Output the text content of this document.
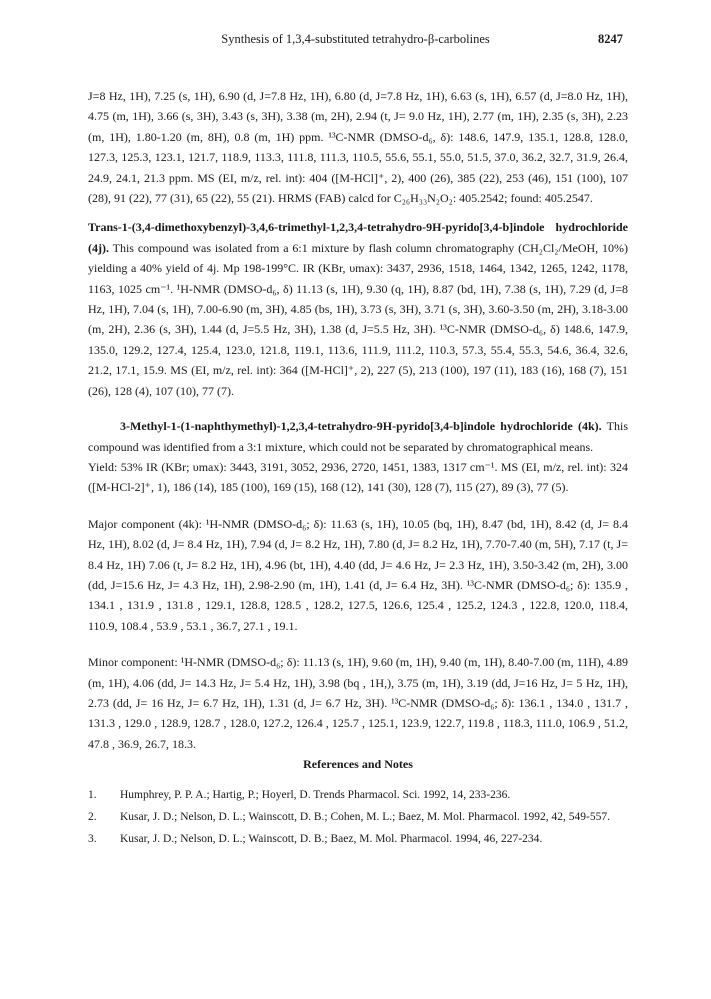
Synthesis of 1,3,4-substituted tetrahydro-β-carbolines	8247

J=8 Hz, 1H), 7.25 (s, 1H), 6.90 (d, J=7.8 Hz, 1H), 6.80 (d, J=7.8 Hz, 1H), 6.63 (s, 1H), 6.57 (d, J=8.0 Hz, 1H), 4.75 (m, 1H), 3.66 (s, 3H), 3.43 (s, 3H), 3.38 (m, 2H), 2.94 (t, J= 9.0 Hz, 1H), 2.77 (m, 1H), 2.35 (s, 3H), 2.23 (m, 1H), 1.80-1.20 (m, 8H), 0.8 (m, 1H) ppm. ¹³C-NMR (DMSO-d₆, δ): 148.6, 147.9, 135.1, 128.8, 128.0, 127.3, 125.3, 123.1, 121.7, 118.9, 113.3, 111.8, 111.3, 110.5, 55.6, 55.1, 55.0, 51.5, 37.0, 36.2, 32.7, 31.9, 26.4, 24.9, 24.1, 21.3 ppm. MS (EI, m/z, rel. int): 404 ([M-HCl]⁺, 2), 400 (26), 385 (22), 253 (46), 151 (100), 107 (28), 91 (22), 77 (31), 65 (22), 55 (21). HRMS (FAB) calcd for C₂₆H₃₃N₂O₂: 405.2542; found: 405.2547.

Trans-1-(3,4-dimethoxybenzyl)-3,4,6-trimethyl-1,2,3,4-tetrahydro-9H-pyrido[3,4-b]indole hydrochloride (4j). This compound was isolated from a 6:1 mixture by flash column chromatography (CH₂Cl₂/MeOH, 10%) yielding a 40% yield of 4j. Mp 198-199°C. IR (KBr, υmax): 3437, 2936, 1518, 1464, 1342, 1265, 1242, 1178, 1163, 1025 cm⁻¹. ¹H-NMR (DMSO-d₆, δ) 11.13 (s, 1H), 9.30 (q, 1H), 8.87 (bd, 1H), 7.38 (s, 1H), 7.29 (d, J=8 Hz, 1H), 7.04 (s, 1H), 7.00-6.90 (m, 3H), 4.85 (bs, 1H), 3.73 (s, 3H), 3.71 (s, 3H), 3.60-3.50 (m, 2H), 3.18-3.00 (m, 2H), 2.36 (s, 3H), 1.44 (d, J=5.5 Hz, 3H), 1.38 (d, J=5.5 Hz, 3H). ¹³C-NMR (DMSO-d₆, δ) 148.6, 147.9, 135.0, 129.2, 127.4, 125.4, 123.0, 121.8, 119.1, 113.6, 111.9, 111.2, 110.3, 57.3, 55.4, 55.3, 54.6, 36.4, 32.6, 21.2, 17.1, 15.9. MS (EI, m/z, rel. int): 364 ([M-HCl]⁺, 2), 227 (5), 213 (100), 197 (11), 183 (16), 168 (7), 151 (26), 128 (4), 107 (10), 77 (7).

3-Methyl-1-(1-naphthymethyl)-1,2,3,4-tetrahydro-9H-pyrido[3,4-b]indole hydrochloride (4k). This compound was identified from a 3:1 mixture, which could not be separated by chromatographical means.

Yield: 53% IR (KBr; υmax): 3443, 3191, 3052, 2936, 2720, 1451, 1383, 1317 cm⁻¹. MS (EI, m/z, rel. int): 324 ([M-HCl-2]⁺, 1), 186 (14), 185 (100), 169 (15), 168 (12), 141 (30), 128 (7), 115 (27), 89 (3), 77 (5).

Major component (4k): ¹H-NMR (DMSO-d₆; δ): 11.63 (s, 1H), 10.05 (bq, 1H), 8.47 (bd, 1H), 8.42 (d, J= 8.4 Hz, 1H), 8.02 (d, J= 8.4 Hz, 1H), 7.94 (d, J= 8.2 Hz, 1H), 7.80 (d, J= 8.2 Hz, 1H), 7.70-7.40 (m, 5H), 7.17 (t, J= 8.4 Hz, 1H) 7.06 (t, J= 8.2 Hz, 1H), 4.96 (bt, 1H), 4.40 (dd, J= 4.6 Hz, J= 2.3 Hz, 1H), 3.50-3.42 (m, 2H), 3.00 (dd, J=15.6 Hz, J= 4.3 Hz, 1H), 2.98-2.90 (m, 1H), 1.41 (d, J= 6.4 Hz, 3H). ¹³C-NMR (DMSO-d₆; δ): 135.9 , 134.1 , 131.9 , 131.8 , 129.1, 128.8, 128.5 , 128.2, 127.5, 126.6, 125.4 , 125.2, 124.3 , 122.8, 120.0, 118.4, 110.9, 108.4 , 53.9 , 53.1 , 36.7, 27.1 , 19.1.

Minor component: ¹H-NMR (DMSO-d₆; δ): 11.13 (s, 1H), 9.60 (m, 1H), 9.40 (m, 1H), 8.40-7.00 (m, 11H), 4.89 (m, 1H), 4.06 (dd, J= 14.3 Hz, J= 5.4 Hz, 1H), 3.98 (bq , 1H,), 3.75 (m, 1H), 3.19 (dd, J=16 Hz, J= 5 Hz, 1H), 2.73 (dd, J= 16 Hz, J= 6.7 Hz, 1H), 1.31 (d, J= 6.7 Hz, 3H). ¹³C-NMR (DMSO-d₆; δ): 136.1 , 134.0 , 131.7 , 131.3 , 129.0 , 128.9, 128.7 , 128.0, 127.2, 126.4 , 125.7 , 125.1, 123.9, 122.7, 119.8 , 118.3, 111.0, 106.9 , 51.2, 47.8 , 36.9, 26.7, 18.3.

References and Notes
1. Humphrey, P. P. A.; Hartig, P.; Hoyerl, D. Trends Pharmacol. Sci. 1992, 14, 233-236.
2. Kusar, J. D.; Nelson, D. L.; Wainscott, D. B.; Cohen, M. L.; Baez, M. Mol. Pharmacol. 1992, 42, 549-557.
3. Kusar, J. D.; Nelson, D. L.; Wainscott, D. B.; Baez, M. Mol. Pharmacol. 1994, 46, 227-234.
